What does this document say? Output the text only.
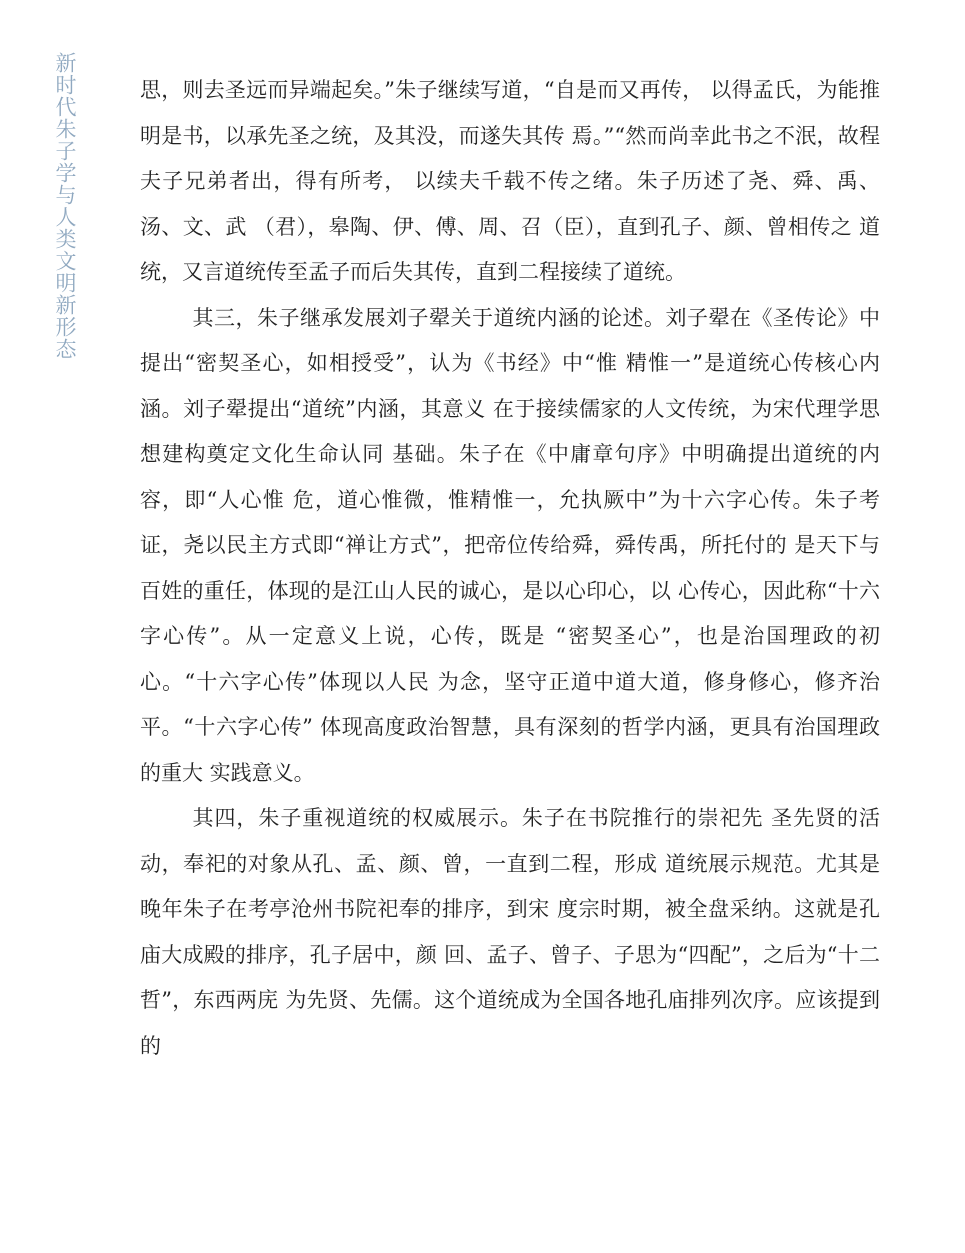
新时代朱子学与人类文明新形态	思，则去圣远而异端起矣。”朱子继续写道，“自是而又再传， 以得孟氏，为能推明是书，以承先圣之统，及其没，而遂失其传 焉。”“然而尚幸此书之不泯，故程夫子兄弟者出，得有所考， 以续夫千载不传之绪。朱子历述了尧、舜、禹、汤、文、武 （君），皋陶、伊、傅、周、召（臣），直到孔子、颜、曾相传之 道统，又言道统传至孟子而后失其传，直到二程接续了道统。

其三，朱子继承发展刘子翚关于道统内涵的论述。刘子翚在《圣传论》中提出“密契圣心，如相授受”，认为《书经》中“惟 精惟一”是道统心传核心内涵。刘子翚提出“道统”内涵，其意义 在于接续儒家的人文传统，为宋代理学思想建构奠定文化生命认同 基础。朱子在《中庸章句序》中明确提出道统的内容，即“人心惟 危，道心惟微，惟精惟一，允执厥中”为十六字心传。朱子考证，尧以民主方式即“禅让方式”，把帝位传给舜，舜传禹，所托付的 是天下与百姓的重任，体现的是江山人民的诚心，是以心印心，以 心传心，因此称“十六字心传”。从一定意义上说，心传，既是 “密契圣心”，也是治国理政的初心。“十六字心传”体现以人民 为念，坚守正道中道大道，修身修心，修齐治平。“十六字心传” 体现高度政治智慧，具有深刻的哲学内涵，更具有治国理政的重大 实践意义。

其四，朱子重视道统的权威展示。朱子在书院推行的崇祀先 圣先贤的活动，奉祀的对象从孔、孟、颜、曾，一直到二程，形成 道统展示规范。尤其是晚年朱子在考亭沧州书院祀奉的排序，到宋 度宗时期，被全盘采纳。这就是孔庙大成殿的排序，孔子居中，颜 回、孟子、曾子、子思为“四配”，之后为“十二哲”，东西两庑 为先贤、先儒。这个道统成为全国各地孔庙排列次序。应该提到的
